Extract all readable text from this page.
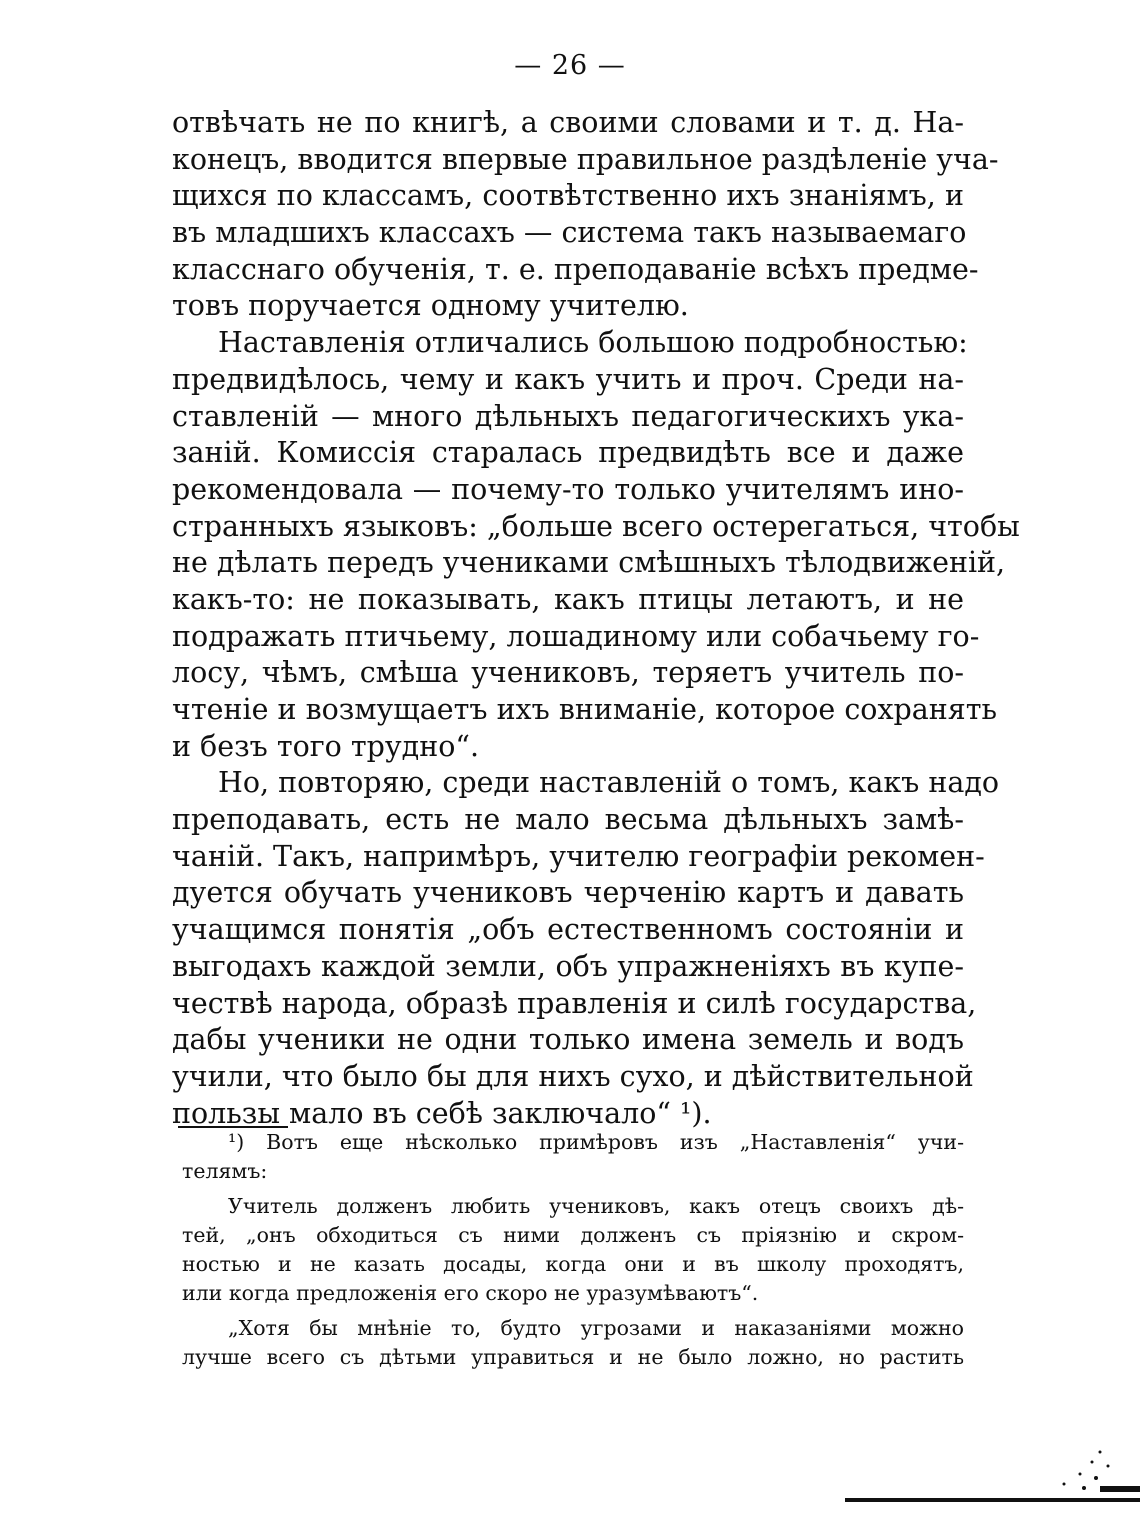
— 26 —
отвѣчать не по книгѣ, а своими словами и т. д. На-
конецъ, вводится впервые правильное раздѣленіе уча-
щихся по классамъ, соотвѣтственно ихъ знаніямъ, и
въ младшихъ классахъ — система такъ называемаго
класснаго обученія, т. е. преподаваніе всѣхъ предме-
товъ поручается одному учителю.
Наставленія отличались большою подробностью:
предвидѣлось, чему и какъ учить и проч. Среди на-
ставленій — много дѣльныхъ педагогическихъ ука-
заній. Комиссія старалась предвидѣть все и даже
рекомендовала — почему-то только учителямъ ино-
странныхъ языковъ: „больше всего остерегаться, чтобы
не дѣлать передъ учениками смѣшныхъ тѣлодвиженій,
какъ-то: не показывать, какъ птицы летаютъ, и не
подражать птичьему, лошадиному или собачьему го-
лосу, чѣмъ, смѣша учениковъ, теряетъ учитель по-
чтеніе и возмущаетъ ихъ вниманіе, которое сохранять
и безъ того трудно“.
Но, повторяю, среди наставленій о томъ, какъ надо
преподавать, есть не мало весьма дѣльныхъ замѣ-
чаній. Такъ, напримѣръ, учителю географіи рекомен-
дуется обучать учениковъ черченію картъ и давать
учащимся понятія „объ естественномъ состояніи и
выгодахъ каждой земли, объ упражненіяхъ въ купе-
чествѣ народа, образѣ правленія и силѣ государства,
дабы ученики не одни только имена земель и водъ
учили, что было бы для нихъ сухо, и дѣйствительной
пользы мало въ себѣ заключало“ ¹).
¹) Вотъ еще нѣсколько примѣровъ изъ „Наставленія“ учи-
телямъ:
Учитель долженъ любить учениковъ, какъ отецъ своихъ дѣ-
тей, „онъ обходиться съ ними долженъ съ пріязнію и скром-
ностью и не казать досады, когда они и въ школу проходятъ,
или когда предложенія его скоро не уразумѣваютъ“.
„Хотя бы мнѣніе то, будто угрозами и наказаніями можно
лучше всего съ дѣтьми управиться и не было ложно, но растить
